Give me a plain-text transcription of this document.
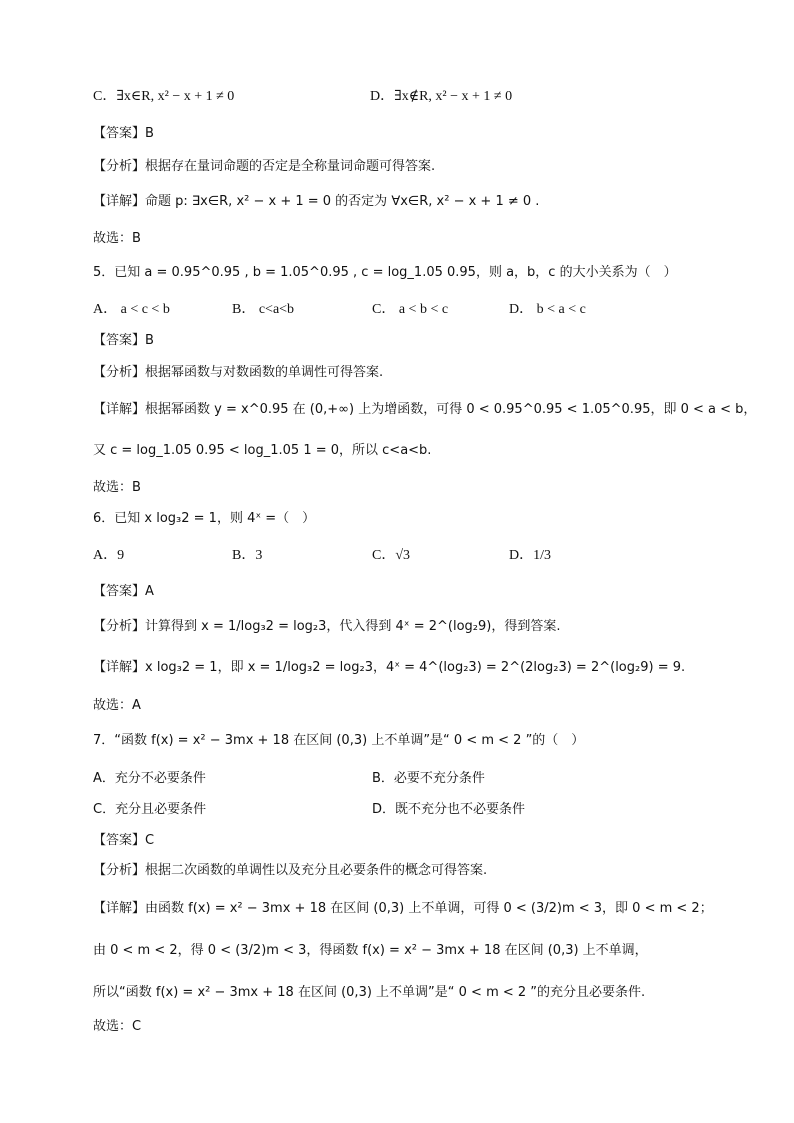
C．∃x∈R, x² − x + 1 ≠ 0	D．∃x∉R, x² − x + 1 ≠ 0
【答案】B
【分析】根据存在量词命题的否定是全称量词命题可得答案.
【详解】命题 p: ∃x∈R, x² − x + 1 = 0 的否定为 ∀x∈R, x² − x + 1 ≠ 0 .
故选：B
5．已知 a = 0.95^0.95 , b = 1.05^0.95 , c = log_1.05 0.95，则 a，b，c 的大小关系为（　）
A． a < c < b	B． c<a<b	C． a < b < c	D． b < a < c
【答案】B
【分析】根据幂函数与对数函数的单调性可得答案.
【详解】根据幂函数 y = x^0.95 在 (0,+∞) 上为增函数，可得 0 < 0.95^0.95 < 1.05^0.95，即 0 < a < b，
又 c = log_1.05 0.95 < log_1.05 1 = 0，所以 c<a<b.
故选：B
6．已知 x log₃2 = 1，则 4ˣ =（　）
A．9	B．3	C．√3	D．1/3
【答案】A
【分析】计算得到 x = 1/log₃2 = log₂3，代入得到 4ˣ = 2^(log₂9)，得到答案.
【详解】x log₃2 = 1，即 x = 1/log₃2 = log₂3，4ˣ = 4^(log₂3) = 2^(2log₂3) = 2^(log₂9) = 9.
故选：A
7．“函数 f(x) = x² − 3mx + 18 在区间 (0,3) 上不单调”是“ 0 < m < 2 ”的（　）
A．充分不必要条件	B．必要不充分条件
C．充分且必要条件	D．既不充分也不必要条件
【答案】C
【分析】根据二次函数的单调性以及充分且必要条件的概念可得答案.
【详解】由函数 f(x) = x² − 3mx + 18 在区间 (0,3) 上不单调，可得 0 < (3/2)m < 3，即 0 < m < 2；
由 0 < m < 2，得 0 < (3/2)m < 3，得函数 f(x) = x² − 3mx + 18 在区间 (0,3) 上不单调，
所以“函数 f(x) = x² − 3mx + 18 在区间 (0,3) 上不单调”是“ 0 < m < 2 ”的充分且必要条件.
故选：C
